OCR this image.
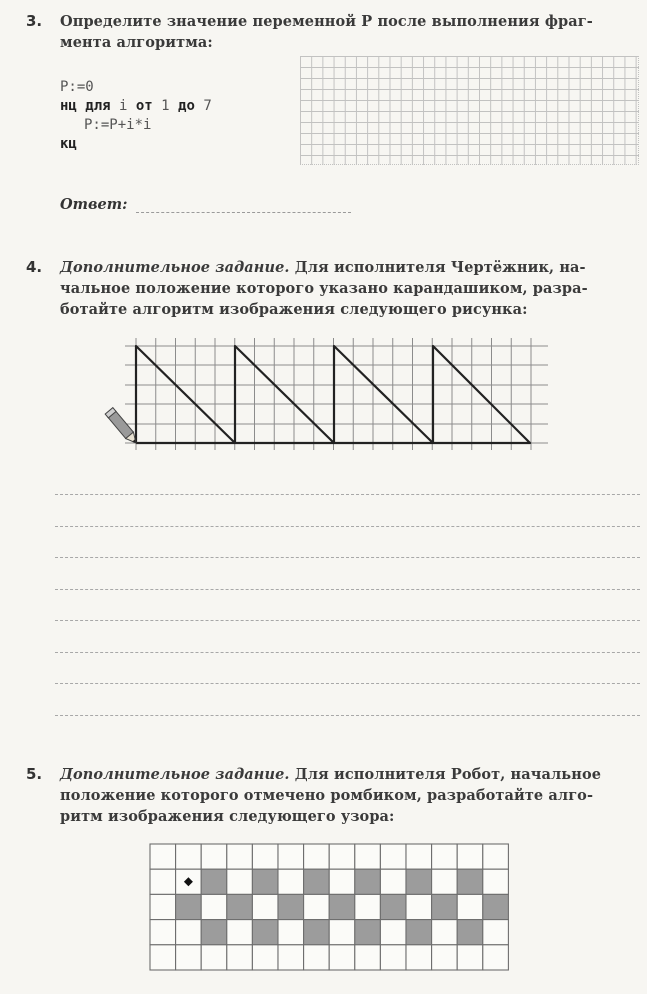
3. Определите значение переменной P после выполнения фраг-
мента алгоритма:
P:=0
нц для i от 1 до 7
P:=P+i*i
кц
Ответ:
4. Дополнительное задание. Для исполнителя Чертёжник, на-
чальное положение которого указано карандашиком, разра-
ботайте алгоритм изображения следующего рисунка:
5. Дополнительное задание. Для исполнителя Робот, начальное
положение которого отмечено ромбиком, разработайте алго-
ритм изображения следующего узора:
